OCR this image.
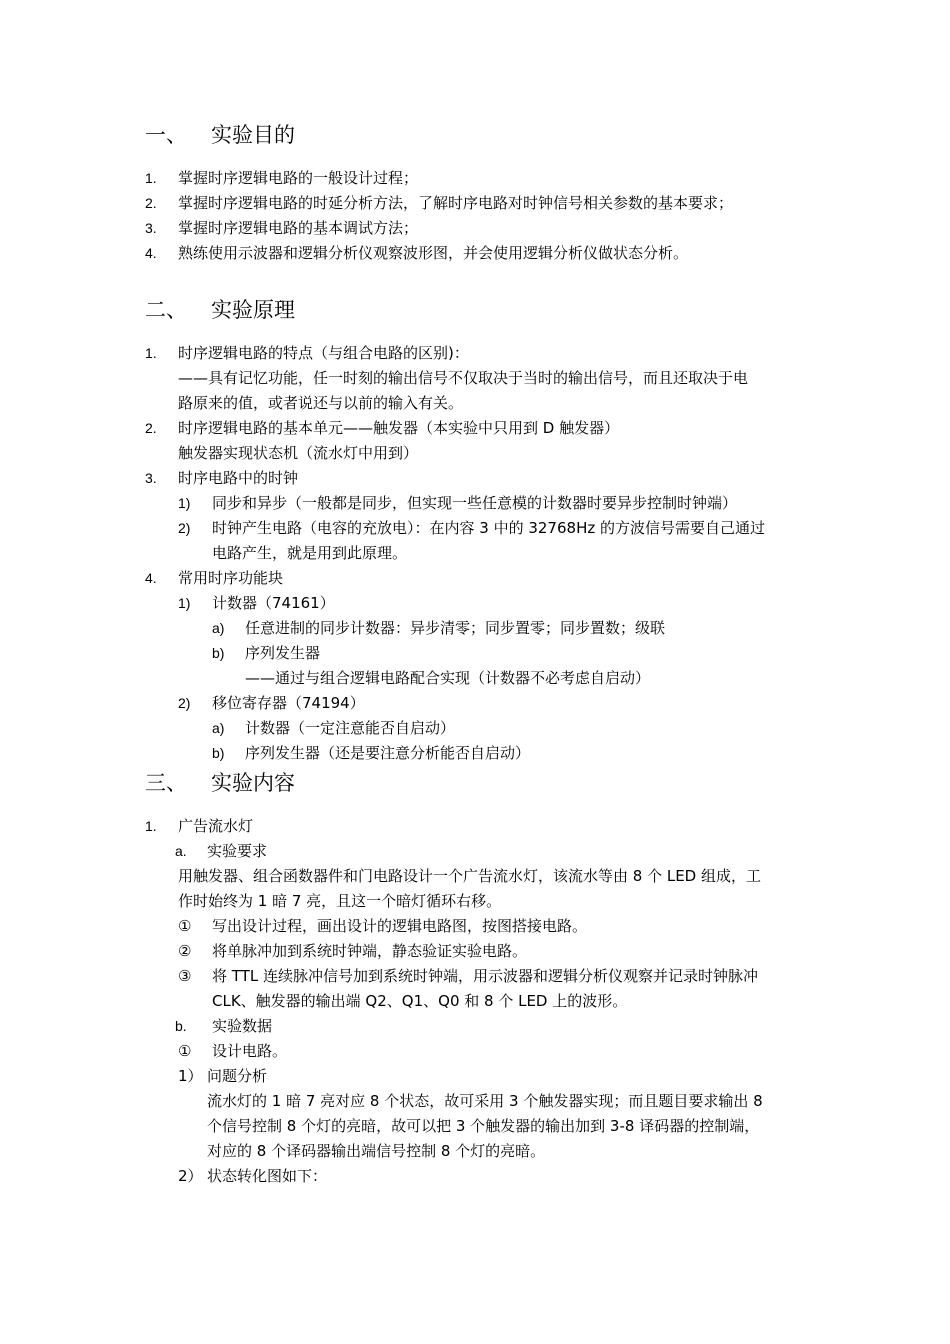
一、 实验目的
1. 掌握时序逻辑电路的一般设计过程；
2. 掌握时序逻辑电路的时延分析方法，了解时序电路对时钟信号相关参数的基本要求；
3. 掌握时序逻辑电路的基本调试方法；
4. 熟练使用示波器和逻辑分析仪观察波形图，并会使用逻辑分析仪做状态分析。
二、 实验原理
1. 时序逻辑电路的特点（与组合电路的区别)：
——具有记忆功能，任一时刻的输出信号不仅取决于当时的输出信号，而且还取决于电
路原来的值，或者说还与以前的输入有关。
2. 时序逻辑电路的基本单元——触发器（本实验中只用到 D 触发器）
触发器实现状态机（流水灯中用到）
3. 时序电路中的时钟
1) 同步和异步（一般都是同步，但实现一些任意模的计数器时要异步控制时钟端）
2) 时钟产生电路（电容的充放电）：在内容 3 中的 32768Hz 的方波信号需要自己通过
电路产生，就是用到此原理。
4. 常用时序功能块
1) 计数器（74161）
a) 任意进制的同步计数器：异步清零；同步置零；同步置数；级联
b) 序列发生器
——通过与组合逻辑电路配合实现（计数器不必考虑自启动）
2) 移位寄存器（74194）
a) 计数器（一定注意能否自启动）
b) 序列发生器（还是要注意分析能否自启动）
三、 实验内容
1. 广告流水灯
a. 实验要求
用触发器、组合函数器件和门电路设计一个广告流水灯，该流水等由 8 个 LED 组成，工
作时始终为 1 暗 7 亮，且这一个暗灯循环右移。
① 写出设计过程，画出设计的逻辑电路图，按图搭接电路。
② 将单脉冲加到系统时钟端，静态验证实验电路。
③ 将 TTL 连续脉冲信号加到系统时钟端，用示波器和逻辑分析仪观察并记录时钟脉冲
CLK、触发器的输出端 Q2、Q1、Q0 和 8 个 LED 上的波形。
b. 实验数据
① 设计电路。
1） 问题分析
流水灯的 1 暗 7 亮对应 8 个状态，故可采用 3 个触发器实现；而且题目要求输出 8
个信号控制 8 个灯的亮暗，故可以把 3 个触发器的输出加到 3-8 译码器的控制端，
对应的 8 个译码器输出端信号控制 8 个灯的亮暗。
2） 状态转化图如下：
